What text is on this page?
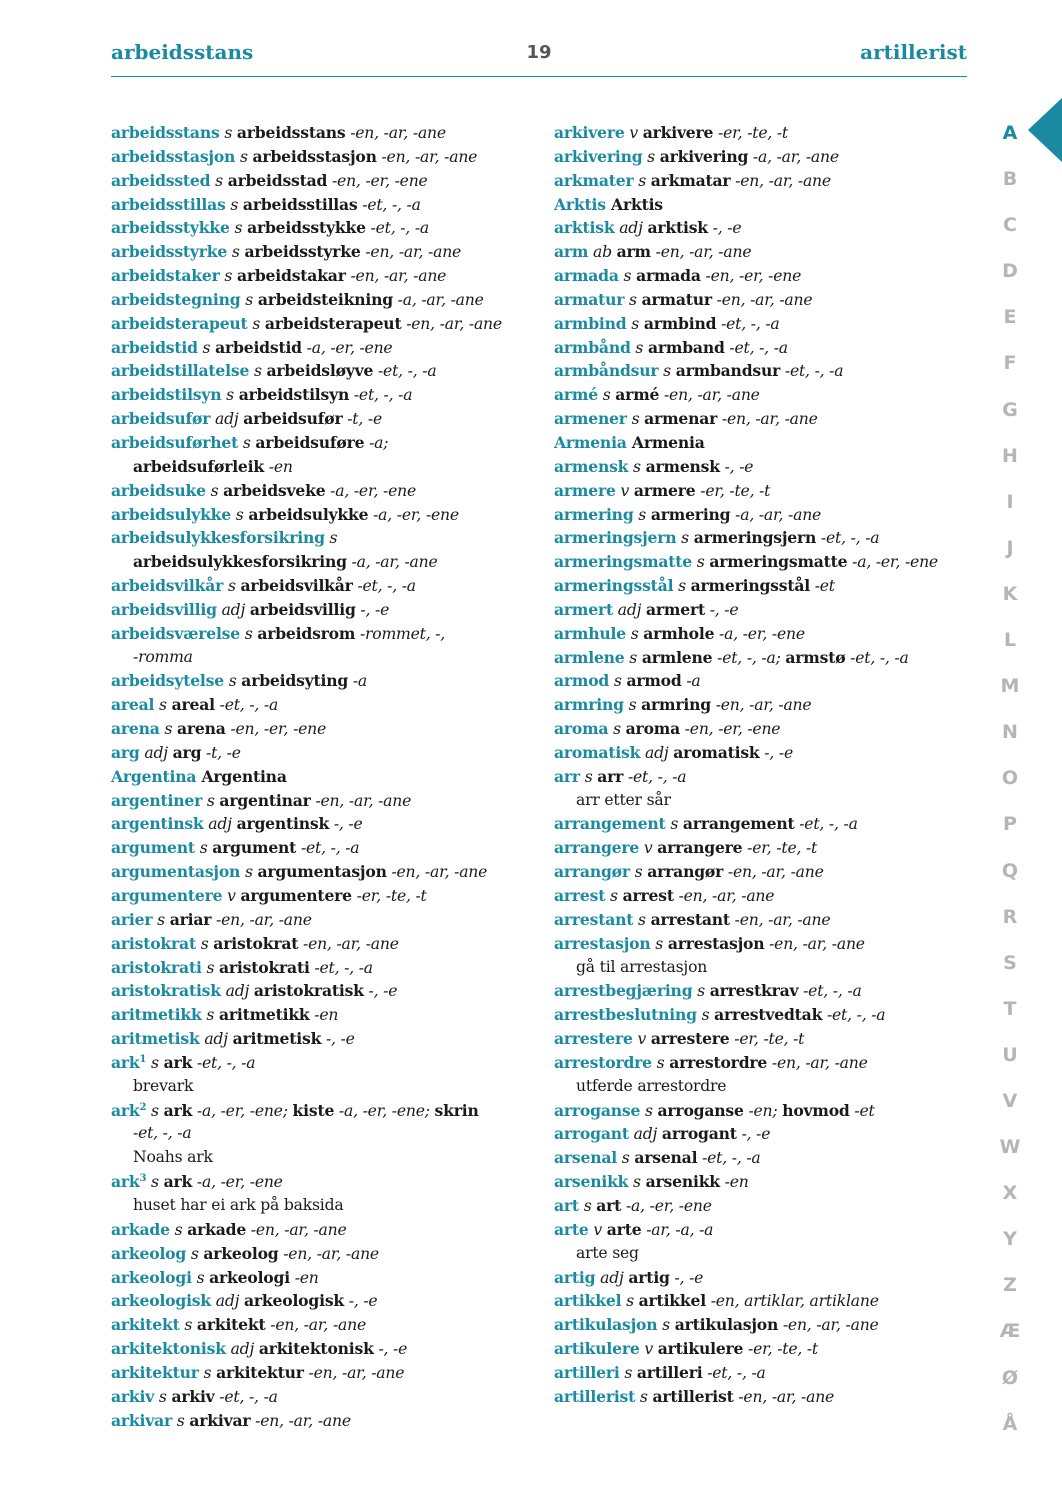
arbeidsstans	19	artillerist
arbeidsstans s arbeidsstans -en, -ar, -ane
arbeidsstasjon s arbeidsstasjon -en, -ar, -ane
arbeidssted s arbeidsstad -en, -er, -ene
arbeidsstillas s arbeidsstillas -et, -, -a
arbeidsstykke s arbeidsstykke -et, -, -a
arbeidsstyrke s arbeidsstyrke -en, -ar, -ane
arbeidstaker s arbeidstakar -en, -ar, -ane
arbeidstegning s arbeidsteikning -a, -ar, -ane
arbeidsterapeut s arbeidsterapeut -en, -ar, -ane
arbeidstid s arbeidstid -a, -er, -ene
arbeidstillatelse s arbeidsløyve -et, -, -a
arbeidstilsyn s arbeidstilsyn -et, -, -a
arbeidsufør adj arbeidsufør -t, -e
arbeidsuførhet s arbeidsuføre -a;
arbeidsuførleik -en
arbeidsuke s arbeidsveke -a, -er, -ene
arbeidsulykke s arbeidsulykke -a, -er, -ene
arbeidsulykkesforsikring s
arbeidsulykkesforsikring -a, -ar, -ane
arbeidsvilkår s arbeidsvilkår -et, -, -a
arbeidsvillig adj arbeidsvillig -, -e
arbeidsværelse s arbeidsrom -rommet, -,
-romma
arbeidsytelse s arbeidsyting -a
areal s areal -et, -, -a
arena s arena -en, -er, -ene
arg adj arg -t, -e
Argentina Argentina
argentiner s argentinar -en, -ar, -ane
argentinsk adj argentinsk -, -e
argument s argument -et, -, -a
argumentasjon s argumentasjon -en, -ar, -ane
argumentere v argumentere -er, -te, -t
arier s ariar -en, -ar, -ane
aristokrat s aristokrat -en, -ar, -ane
aristokrati s aristokrati -et, -, -a
aristokratisk adj aristokratisk -, -e
aritmetikk s aritmetikk -en
aritmetisk adj aritmetisk -, -e
ark$^1$ s ark -et, -, -a
brevark
ark$^2$ s ark -a, -er, -ene; kiste -a, -er, -ene; skrin
-et, -, -a
Noahs ark
ark$^3$ s ark -a, -er, -ene
huset har ei ark på baksida
arkade s arkade -en, -ar, -ane
arkeolog s arkeolog -en, -ar, -ane
arkeologi s arkeologi -en
arkeologisk adj arkeologisk -, -e
arkitekt s arkitekt -en, -ar, -ane
arkitektonisk adj arkitektonisk -, -e
arkitektur s arkitektur -en, -ar, -ane
arkiv s arkiv -et, -, -a
arkivar s arkivar -en, -ar, -ane
arkivere v arkivere -er, -te, -t
arkivering s arkivering -a, -ar, -ane
arkmater s arkmatar -en, -ar, -ane
Arktis Arktis
arktisk adj arktisk -, -e
arm ab arm -en, -ar, -ane
armada s armada -en, -er, -ene
armatur s armatur -en, -ar, -ane
armbind s armbind -et, -, -a
armbånd s armband -et, -, -a
armbåndsur s armbandsur -et, -, -a
armé s armé -en, -ar, -ane
armener s armenar -en, -ar, -ane
Armenia Armenia
armensk s armensk -, -e
armere v armere -er, -te, -t
armering s armering -a, -ar, -ane
armeringsjern s armeringsjern -et, -, -a
armeringsmatte s armeringsmatte -a, -er, -ene
armeringsstål s armeringsstål -et
armert adj armert -, -e
armhule s armhole -a, -er, -ene
armlene s armlene -et, -, -a; armstø -et, -, -a
armod s armod -a
armring s armring -en, -ar, -ane
aroma s aroma -en, -er, -ene
aromatisk adj aromatisk -, -e
arr s arr -et, -, -a
arr etter sår
arrangement s arrangement -et, -, -a
arrangere v arrangere -er, -te, -t
arrangør s arrangør -en, -ar, -ane
arrest s arrest -en, -ar, -ane
arrestant s arrestant -en, -ar, -ane
arrestasjon s arrestasjon -en, -ar, -ane
gå til arrestasjon
arrestbegjæring s arrestkrav -et, -, -a
arrestbeslutning s arrestvedtak -et, -, -a
arrestere v arrestere -er, -te, -t
arrestordre s arrestordre -en, -ar, -ane
utferde arrestordre
arroganse s arroganse -en; hovmod -et
arrogant adj arrogant -, -e
arsenal s arsenal -et, -, -a
arsenikk s arsenikk -en
art s art -a, -er, -ene
arte v arte -ar, -a, -a
arte seg
artig adj artig -, -e
artikkel s artikkel -en, artiklar, artiklane
artikulasjon s artikulasjon -en, -ar, -ane
artikulere v artikulere -er, -te, -t
artilleri s artilleri -et, -, -a
artillerist s artillerist -en, -ar, -ane
A
B
C
D
E
F
G
H
I
J
K
L
M
N
O
P
Q
R
S
T
U
V
W
X
Y
Z
Æ
Ø
Å
